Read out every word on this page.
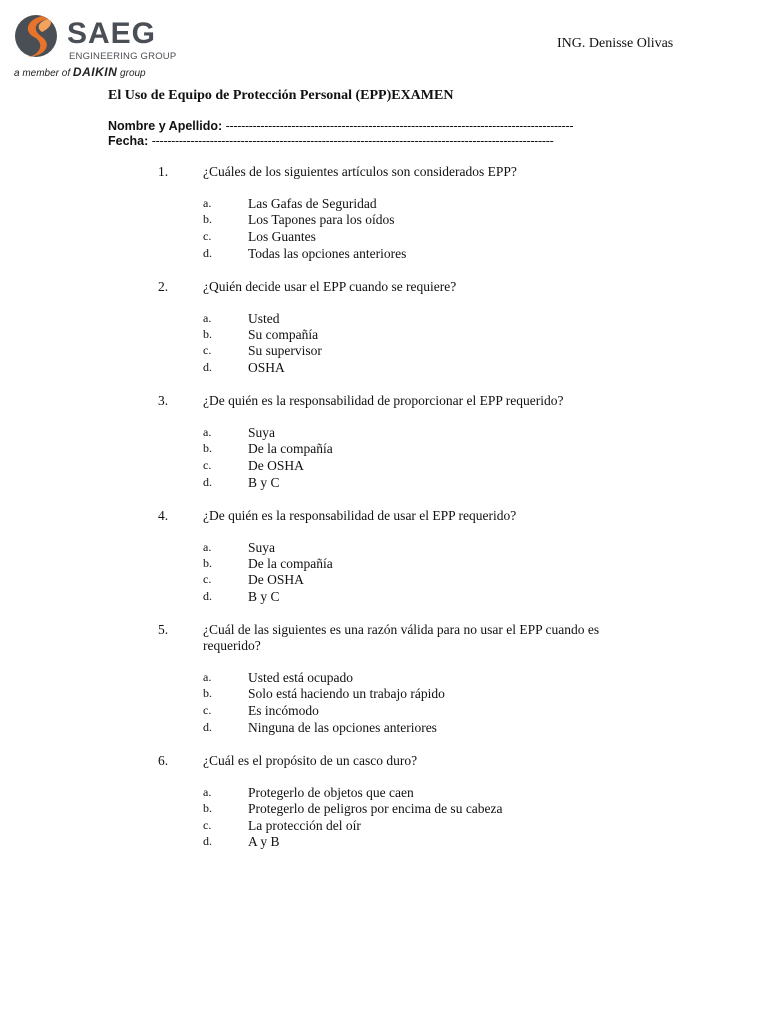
SAEG
ENGINEERING GROUP
a member of DAIKIN group
ING. Denisse Olivas
El Uso de Equipo de Protección Personal (EPP)EXAMEN
Nombre y Apellido: ------------------------------------------------------------------------------------------
Fecha: --------------------------------------------------------------------------------------------------------
1.	¿Cuáles de los siguientes artículos son considerados EPP?
a.	Las Gafas de Seguridad
b.	Los Tapones para los oídos
c.	Los Guantes
d.	Todas las opciones anteriores
2.	¿Quién decide usar el EPP cuando se requiere?
a.	Usted
b.	Su compañía
c.	Su supervisor
d.	OSHA
3.	¿De quién es la responsabilidad de proporcionar el EPP requerido?
a.	Suya
b.	De la compañía
c.	De OSHA
d.	B y C
4.	¿De quién es la responsabilidad de usar el EPP requerido?
a.	Suya
b.	De la compañía
c.	De OSHA
d.	B y C
5.	¿Cuál de las siguientes es una razón válida para no usar el EPP cuando es requerido?
a.	Usted está ocupado
b.	Solo está haciendo un trabajo rápido
c.	Es incómodo
d.	Ninguna de las opciones anteriores
6.	¿Cuál es el propósito de un casco duro?
a.	Protegerlo de objetos que caen
b.	Protegerlo de peligros por encima de su cabeza
c.	La protección del oír
d.	A y B
